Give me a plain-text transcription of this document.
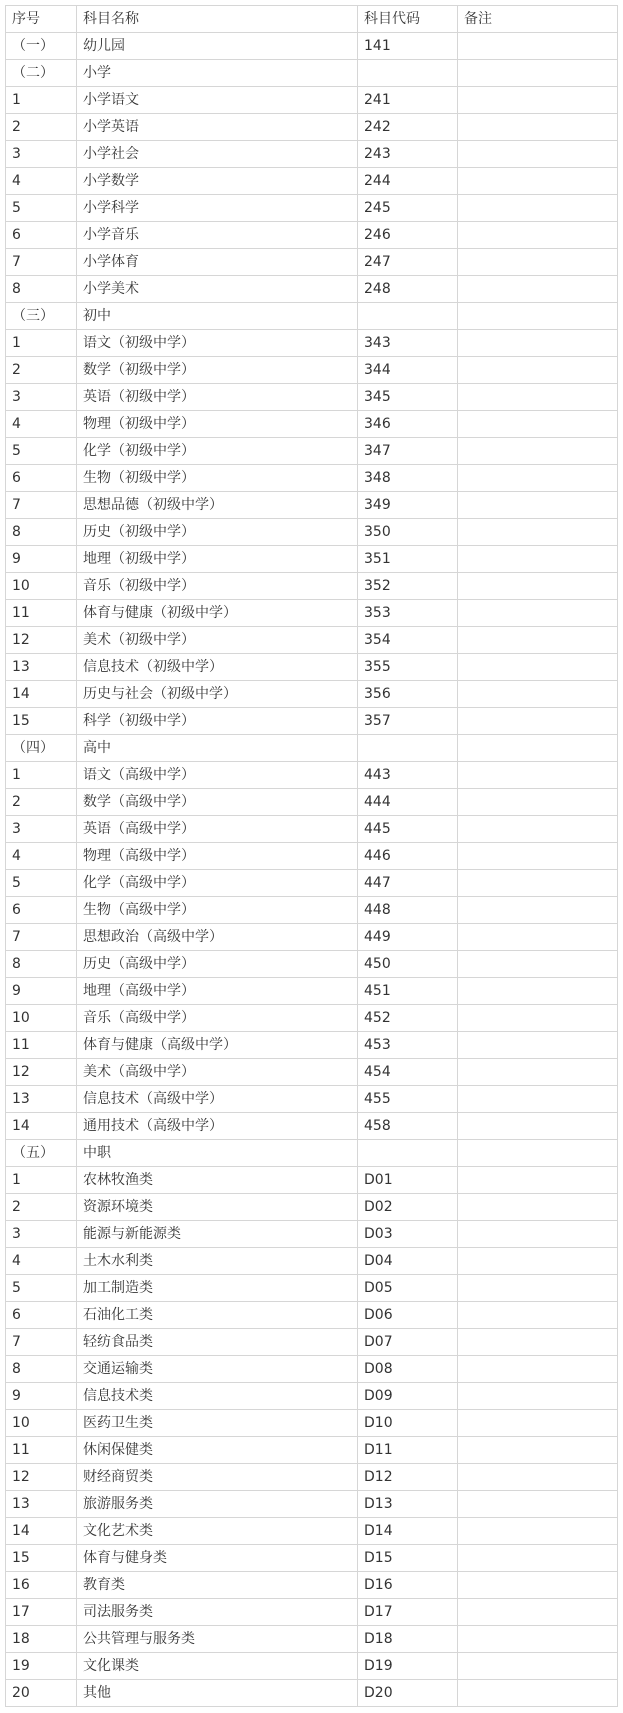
序号	科目名称	科目代码	备注
（一）	幼儿园	141	
（二）	小学		
1	小学语文	241	
2	小学英语	242	
3	小学社会	243	
4	小学数学	244	
5	小学科学	245	
6	小学音乐	246	
7	小学体育	247	
8	小学美术	248	
（三）	初中		
1	语文（初级中学）	343	
2	数学（初级中学）	344	
3	英语（初级中学）	345	
4	物理（初级中学）	346	
5	化学（初级中学）	347	
6	生物（初级中学）	348	
7	思想品德（初级中学）	349	
8	历史（初级中学）	350	
9	地理（初级中学）	351	
10	音乐（初级中学）	352	
11	体育与健康（初级中学）	353	
12	美术（初级中学）	354	
13	信息技术（初级中学）	355	
14	历史与社会（初级中学）	356	
15	科学（初级中学）	357	
（四）	高中		
1	语文（高级中学）	443	
2	数学（高级中学）	444	
3	英语（高级中学）	445	
4	物理（高级中学）	446	
5	化学（高级中学）	447	
6	生物（高级中学）	448	
7	思想政治（高级中学）	449	
8	历史（高级中学）	450	
9	地理（高级中学）	451	
10	音乐（高级中学）	452	
11	体育与健康（高级中学）	453	
12	美术（高级中学）	454	
13	信息技术（高级中学）	455	
14	通用技术（高级中学）	458	
（五）	中职		
1	农林牧渔类	D01	
2	资源环境类	D02	
3	能源与新能源类	D03	
4	土木水利类	D04	
5	加工制造类	D05	
6	石油化工类	D06	
7	轻纺食品类	D07	
8	交通运输类	D08	
9	信息技术类	D09	
10	医药卫生类	D10	
11	休闲保健类	D11	
12	财经商贸类	D12	
13	旅游服务类	D13	
14	文化艺术类	D14	
15	体育与健身类	D15	
16	教育类	D16	
17	司法服务类	D17	
18	公共管理与服务类	D18	
19	文化课类	D19	
20	其他	D20	
